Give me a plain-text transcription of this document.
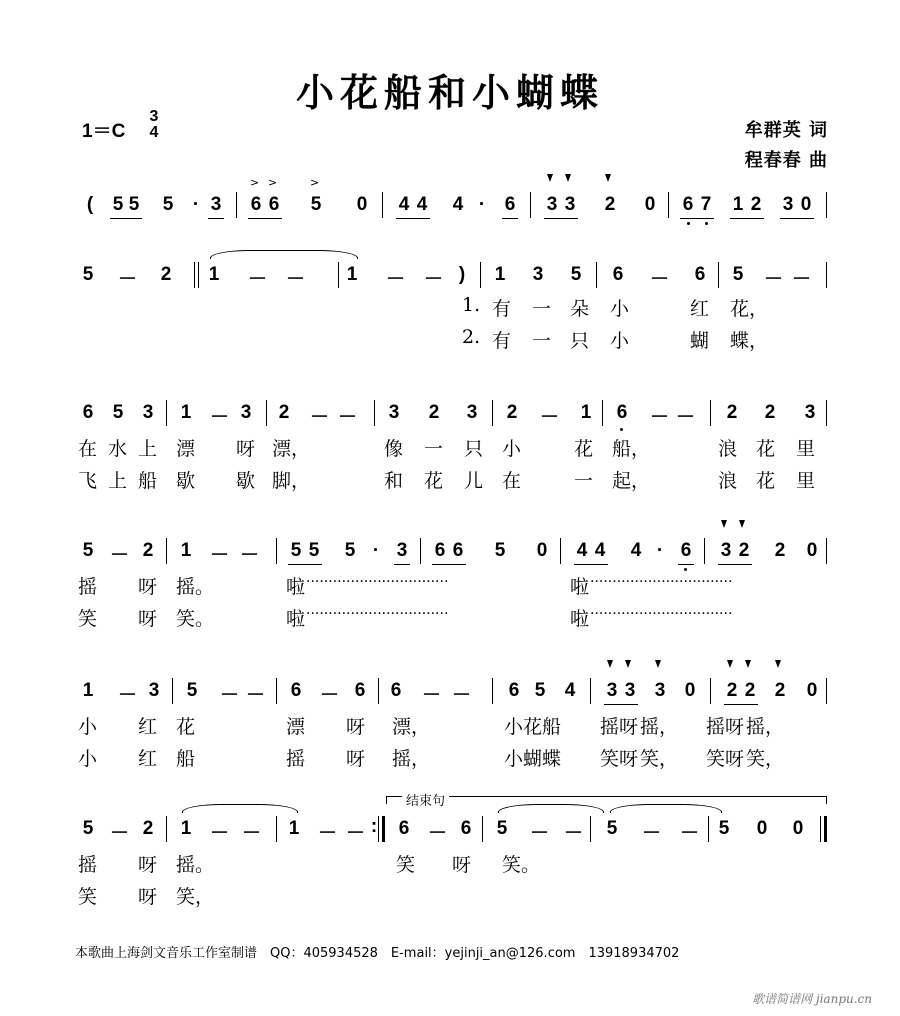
小花船和小蝴蝶
1＝C
3
4	牟群英 词
程春春 曲
( 5 5 5 · 3
> >	>
6 6 5 0 4 4 4 · 6 3 3 2 0 6 7 1 2 3 0
5 － 2 1 － － 1 － － ) 1 3 5 6 － 6 5 － －
1. 有 一 朵 小	红 花，
2. 有 一 只 小	蝴 蝶，
6 5 3 1 － 3 2 － － 3 2 3 2 － 1 6 － － 2 2 3
在 水 上 漂 呀 漂，	像 一 只 小	花 船，	浪 花 里
飞 上 船 歇 歇 脚，	和 花 儿 在	一 起，	浪 花 里
5 － 2 1 － － 5 5 5 · 3 6 6 5 0 4 4 4 · 6 3 2 2 0
摇 呀 摇。	啦 ································	啦 ································
笑 呀 笑。	啦 ································	啦 ································
1 － 3 5 － － 6 － 6 6 － － 6 5 4 3 3 3 0 2 2 2 0
小 红 花	漂 呀 漂，	小花船 摇呀 摇， 摇呀 摇，
小 红 船	摇 呀 摇，	小蝴蝶 笑呀 笑， 笑呀 笑，
结束句
5 － 2 1 － － 1 － － : 6 － 6 5 － － 5 － － 5 0 0
摇 呀 摇。	笑 呀 笑。
笑 呀 笑，
本歌曲上海剑文音乐工作室制谱　QQ：405934528　E-mail：yejinji_an@126.com　13918934702
歌谱简谱网 jianpu.cn
